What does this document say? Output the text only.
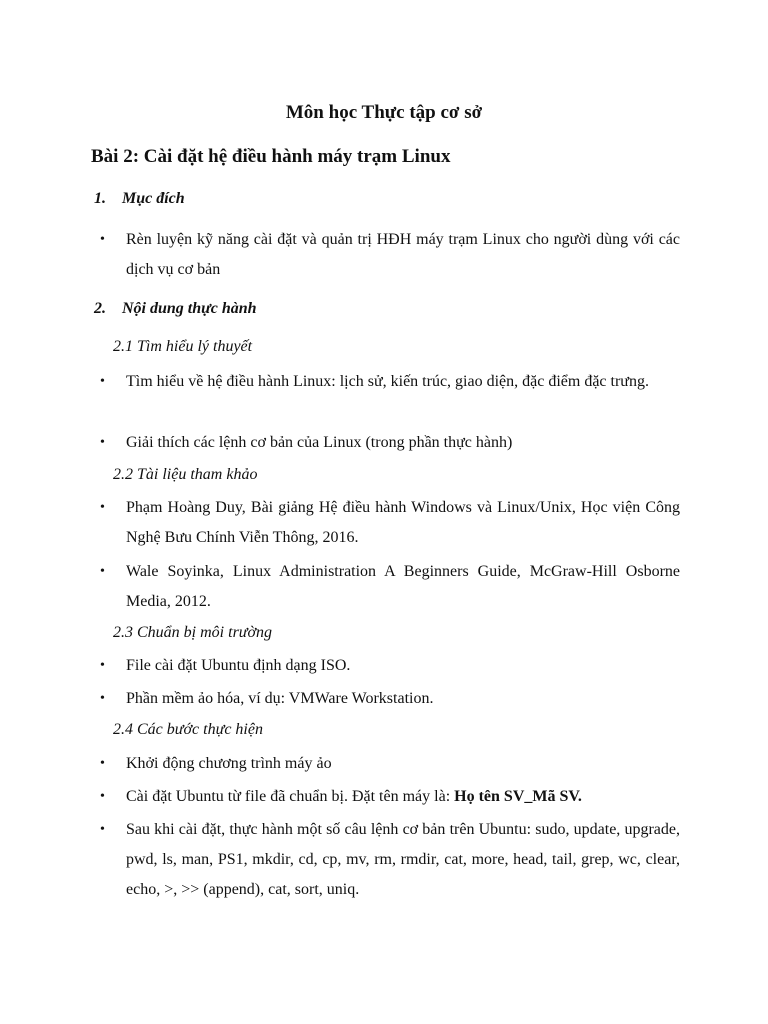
Môn học Thực tập cơ sở
Bài 2: Cài đặt hệ điều hành máy trạm Linux
1. Mục đích
•	Rèn luyện kỹ năng cài đặt và quản trị HĐH máy trạm Linux cho người dùng với các dịch vụ cơ bản
2. Nội dung thực hành
2.1 Tìm hiểu lý thuyết
•	Tìm hiểu về hệ điều hành Linux: lịch sử, kiến trúc, giao diện, đặc điểm đặc trưng.
•	Giải thích các lệnh cơ bản của Linux (trong phần thực hành)
2.2 Tài liệu tham khảo
•	Phạm Hoàng Duy, Bài giảng Hệ điều hành Windows và Linux/Unix, Học viện Công Nghệ Bưu Chính Viễn Thông, 2016.
•	Wale Soyinka, Linux Administration A Beginners Guide, McGraw-Hill Osborne Media, 2012.
2.3 Chuẩn bị môi trường
•	File cài đặt Ubuntu định dạng ISO.
•	Phần mềm ảo hóa, ví dụ: VMWare Workstation.
2.4 Các bước thực hiện
•	Khởi động chương trình máy ảo
•	Cài đặt Ubuntu từ file đã chuẩn bị. Đặt tên máy là: Họ tên SV_Mã SV.
•	Sau khi cài đặt, thực hành một số câu lệnh cơ bản trên Ubuntu: sudo, update, upgrade, pwd, ls, man, PS1, mkdir, cd, cp, mv, rm, rmdir, cat, more, head, tail, grep, wc, clear, echo, >, >> (append), cat, sort, uniq.
